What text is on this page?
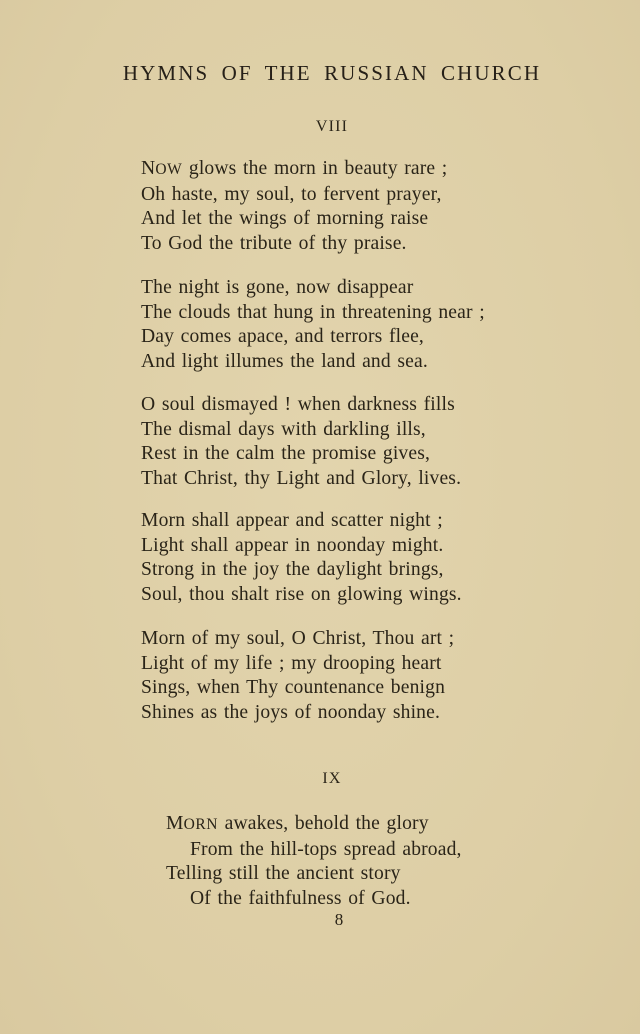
HYMNS OF THE RUSSIAN CHURCH
VIII
NOW glows the morn in beauty rare ;
Oh haste, my soul, to fervent prayer,
And let the wings of morning raise
To God the tribute of thy praise.
The night is gone, now disappear
The clouds that hung in threatening near ;
Day comes apace, and terrors flee,
And light illumes the land and sea.
O soul dismayed ! when darkness fills
The dismal days with darkling ills,
Rest in the calm the promise gives,
That Christ, thy Light and Glory, lives.
Morn shall appear and scatter night ;
Light shall appear in noonday might.
Strong in the joy the daylight brings,
Soul, thou shalt rise on glowing wings.
Morn of my soul, O Christ, Thou art ;
Light of my life ; my drooping heart
Sings, when Thy countenance benign
Shines as the joys of noonday shine.
IX
MORN awakes, behold the glory
From the hill-tops spread abroad,
Telling still the ancient story
Of the faithfulness of God.
8
